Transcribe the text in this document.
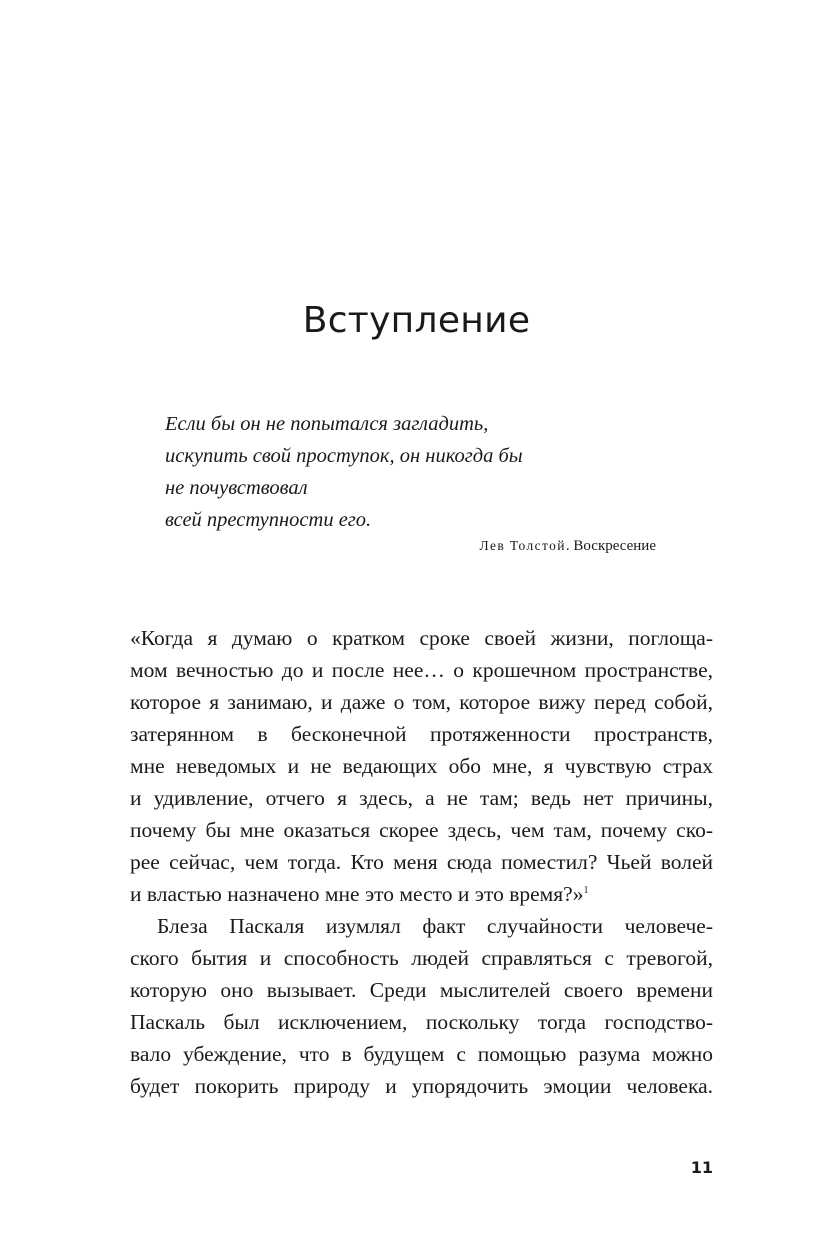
Вступление
Если бы он не попытался загладить,
искупить свой проступок, он никогда бы
не почувствовал
всей преступности его.
Лев Толстой. Воскресение
«Когда я думаю о кратком сроке своей жизни, поглоща-
мом вечностью до и после нее… о крошечном пространстве,
которое я занимаю, и даже о том, которое вижу перед собой,
затерянном в бесконечной протяженности пространств,
мне неведомых и не ведающих обо мне, я чувствую страх
и удивление, отчего я здесь, а не там; ведь нет причины,
почему бы мне оказаться скорее здесь, чем там, почему ско-
рее сейчас, чем тогда. Кто меня сюда поместил? Чьей волей
и властью назначено мне это место и это время?»$^1$
Блеза Паскаля изумлял факт случайности человече-
ского бытия и способность людей справляться с тревогой,
которую оно вызывает. Среди мыслителей своего времени
Паскаль был исключением, поскольку тогда господство-
вало убеждение, что в будущем с помощью разума можно
будет покорить природу и упорядочить эмоции человека.
11
